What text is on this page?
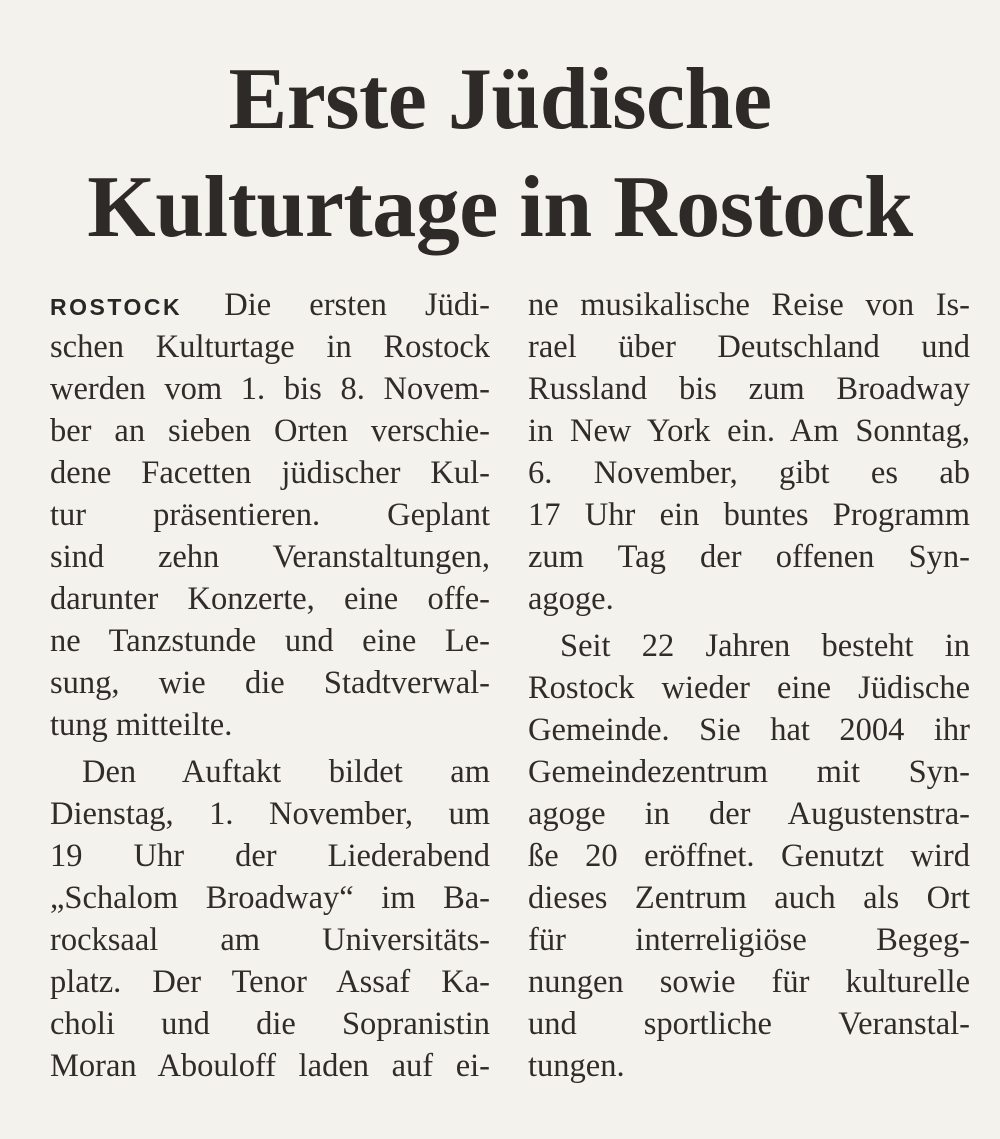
Erste Jüdische
Kulturtage in Rostock
ROSTOCK Die ersten Jüdi-
schen Kulturtage in Rostock
werden vom 1. bis 8. Novem-
ber an sieben Orten verschie-
dene Facetten jüdischer Kul-
tur präsentieren. Geplant
sind zehn Veranstaltungen,
darunter Konzerte, eine offe-
ne Tanzstunde und eine Le-
sung, wie die Stadtverwal-
tung mitteilte.
Den Auftakt bildet am
Dienstag, 1. November, um
19 Uhr der Liederabend
„Schalom Broadway“ im Ba-
rocksaal am Universitäts-
platz. Der Tenor Assaf Ka-
choli und die Sopranistin
Moran Abouloff laden auf ei-
ne musikalische Reise von Is-
rael über Deutschland und
Russland bis zum Broadway
in New York ein. Am Sonntag,
6. November, gibt es ab
17 Uhr ein buntes Programm
zum Tag der offenen Syn-
agoge.
Seit 22 Jahren besteht in
Rostock wieder eine Jüdische
Gemeinde. Sie hat 2004 ihr
Gemeindezentrum mit Syn-
agoge in der Augustenstra-
ße 20 eröffnet. Genutzt wird
dieses Zentrum auch als Ort
für interreligiöse Begeg-
nungen sowie für kulturelle
und sportliche Veranstal-
tungen.
